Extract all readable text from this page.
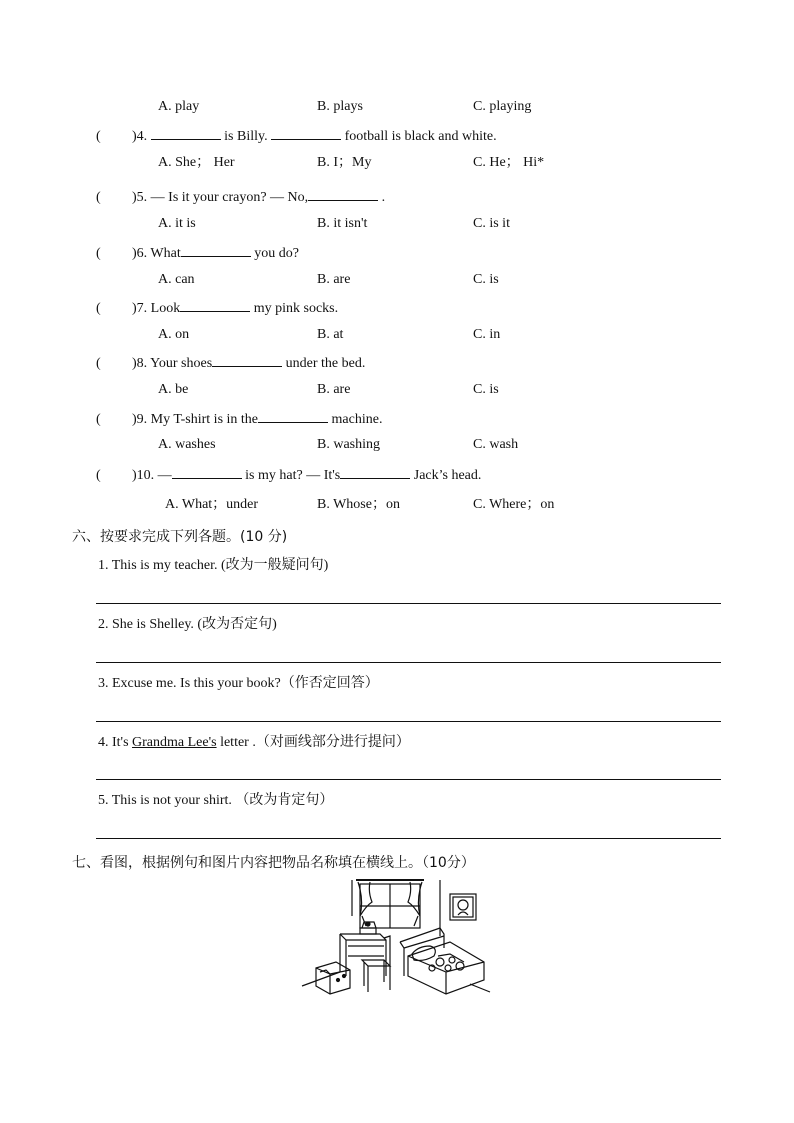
A. play	B. plays	C. playing
( )4.	is Billy.	football is black and white.
A. She； Her	B. I；My	C. He； Hi*
( )5. — Is it your crayon? — No,	.
A. it is	B. it isn't	C. is it
( )6. What	you do?
A. can	B. are	C. is
( )7. Look	my pink socks.
A. on	B. at	C. in
( )8. Your shoes	under the bed.
A. be	B. are	C. is
( )9. My T-shirt is in the	machine.
A. washes	B. washing	C. wash
( )10. —	is my hat? — It's	Jack’s head.
A. What；under	B. Whose；on	C. Where；on
六、按要求完成下列各题。(10 分)
1. This is my teacher. (改为一般疑问句)
2. She is Shelley. (改为否定句)
3. Excuse me. Is this your book?（作否定回答）
4. It's Grandma Lee's letter .（对画线部分进行提问）
5. This is not your shirt. （改为肯定句）
七、看图，根据例句和图片内容把物品名称填在横线上。（10分）
